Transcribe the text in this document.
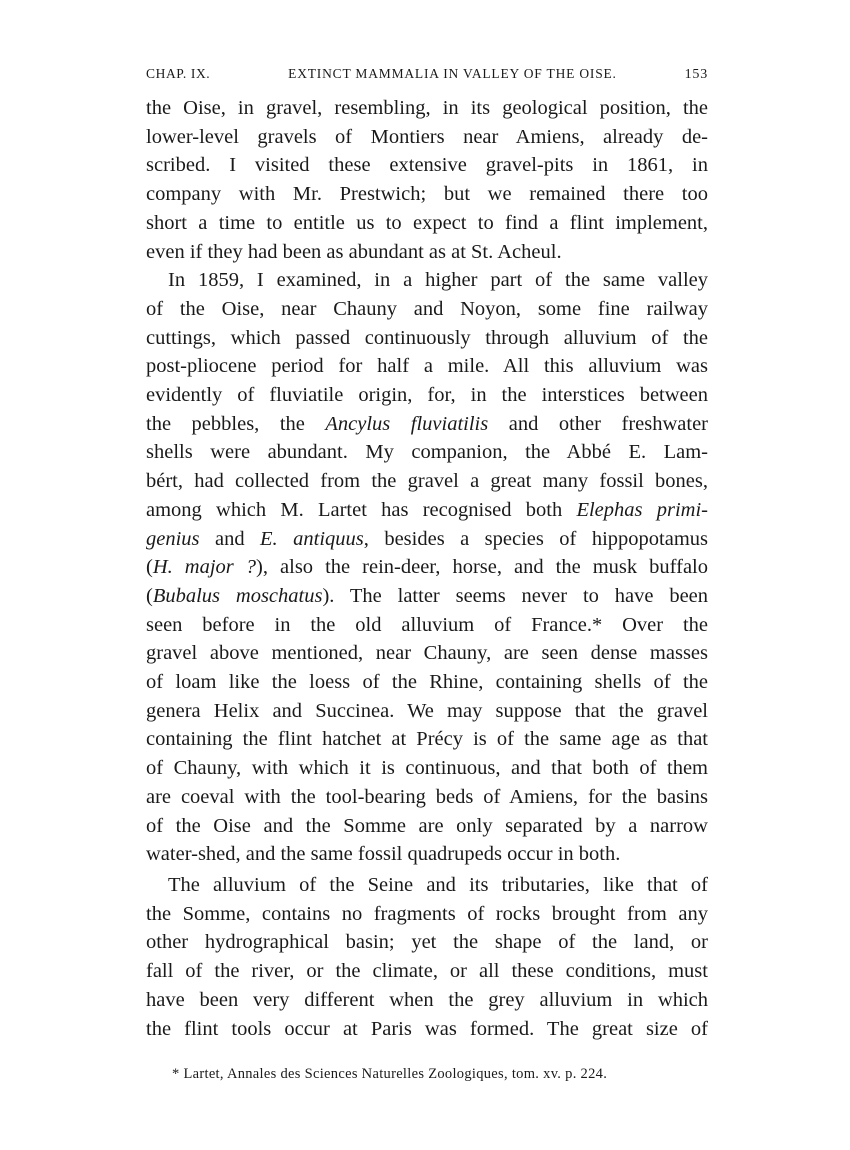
CHAP. IX.	EXTINCT MAMMALIA IN VALLEY OF THE OISE.	153
the Oise, in gravel, resembling, in its geological position, the
lower-level gravels of Montiers near Amiens, already de-
scribed. I visited these extensive gravel-pits in 1861, in
company with Mr. Prestwich; but we remained there too
short a time to entitle us to expect to find a flint implement,
even if they had been as abundant as at St. Acheul.
In 1859, I examined, in a higher part of the same valley
of the Oise, near Chauny and Noyon, some fine railway
cuttings, which passed continuously through alluvium of the
post-pliocene period for half a mile. All this alluvium was
evidently of fluviatile origin, for, in the interstices between
the pebbles, the Ancylus fluviatilis and other freshwater
shells were abundant. My companion, the Abbé E. Lam-
bért, had collected from the gravel a great many fossil bones,
among which M. Lartet has recognised both Elephas primi-
genius and E. antiquus, besides a species of hippopotamus
(H. major ?), also the rein-deer, horse, and the musk buffalo
(Bubalus moschatus). The latter seems never to have been
seen before in the old alluvium of France.* Over the
gravel above mentioned, near Chauny, are seen dense masses
of loam like the loess of the Rhine, containing shells of the
genera Helix and Succinea. We may suppose that the gravel
containing the flint hatchet at Précy is of the same age as that
of Chauny, with which it is continuous, and that both of them
are coeval with the tool-bearing beds of Amiens, for the basins
of the Oise and the Somme are only separated by a narrow
water-shed, and the same fossil quadrupeds occur in both.
The alluvium of the Seine and its tributaries, like that of
the Somme, contains no fragments of rocks brought from any
other hydrographical basin; yet the shape of the land, or
fall of the river, or the climate, or all these conditions, must
have been very different when the grey alluvium in which
the flint tools occur at Paris was formed. The great size of
* Lartet, Annales des Sciences Naturelles Zoologiques, tom. xv. p. 224.
